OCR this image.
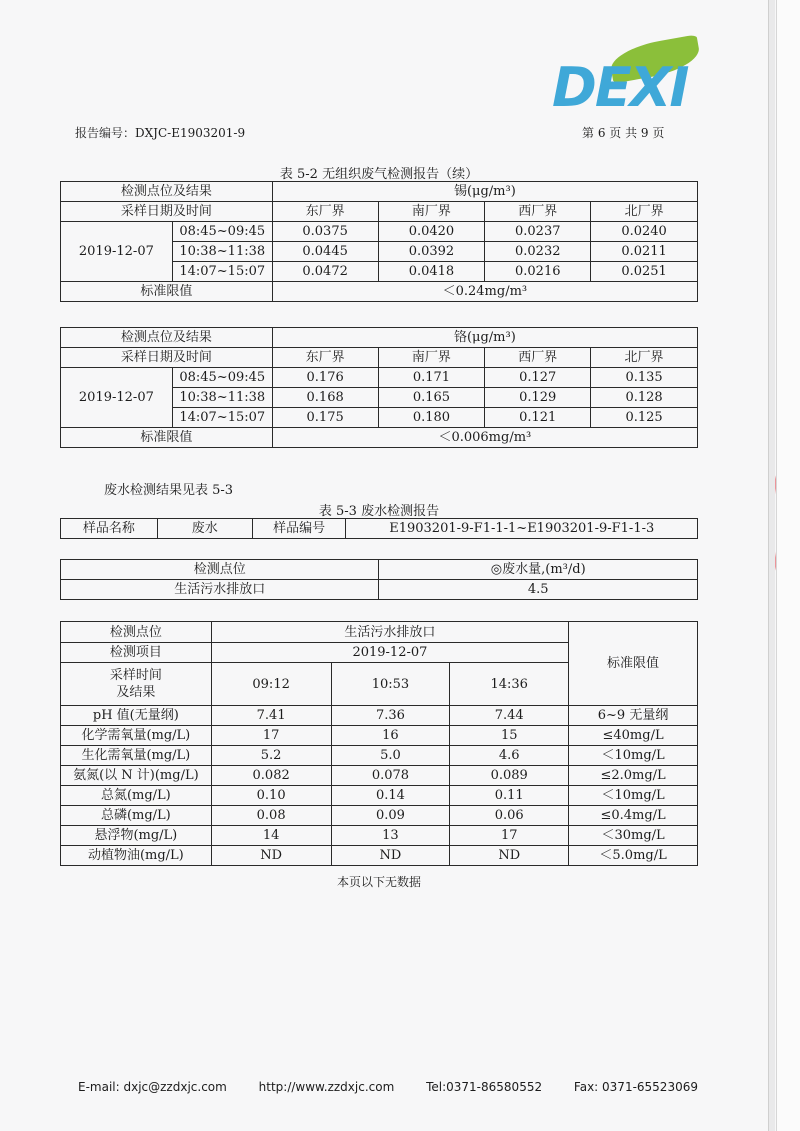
DEXI
报告编号：DXJC-E1903201-9	第 6 页 共 9 页
表 5-2 无组织废气检测报告（续）
检测点位及结果		锡(μg/m³)			
采样日期及时间		东厂界	南厂界	西厂界	北厂界
2019-12-07	08:45~09:45	0.0375	0.0420	0.0237	0.0240
	10:38~11:38	0.0445	0.0392	0.0232	0.0211
	14:07~15:07	0.0472	0.0418	0.0216	0.0251
标准限值		＜0.24mg/m³			
检测点位及结果		铬(μg/m³)			
采样日期及时间		东厂界	南厂界	西厂界	北厂界
2019-12-07	08:45~09:45	0.176	0.171	0.127	0.135
	10:38~11:38	0.168	0.165	0.129	0.128
	14:07~15:07	0.175	0.180	0.121	0.125
标准限值		＜0.006mg/m³			
废水检测结果见表 5-3
表 5-3 废水检测报告
样品名称	废水	样品编号	E1903201-9-F1-1-1~E1903201-9-F1-1-3
检测点位	◎废水量,(m³/d)
生活污水排放口	4.5
检测点位	生活污水排放口			标准限值
检测项目	2019-12-07			

采样时间
及结果	09:12	10:53	14:36	

pH 值(无量纲)	7.41	7.36	7.44	6~9 无量纲
化学需氧量(mg/L)	17	16	15	≤40mg/L
生化需氧量(mg/L)	5.2	5.0	4.6	＜10mg/L
氨氮(以 N 计)(mg/L)	0.082	0.078	0.089	≤2.0mg/L
总氮(mg/L)	0.10	0.14	0.11	＜10mg/L
总磷(mg/L)	0.08	0.09	0.06	≤0.4mg/L
悬浮物(mg/L)	14	13	17	＜30mg/L
动植物油(mg/L)	ND	ND	ND	＜5.0mg/L
本页以下无数据
E-mail: dxjc@zzdxjc.com	http://www.zzdxjc.com	Tel:0371-86580552	Fax: 0371-65523069
